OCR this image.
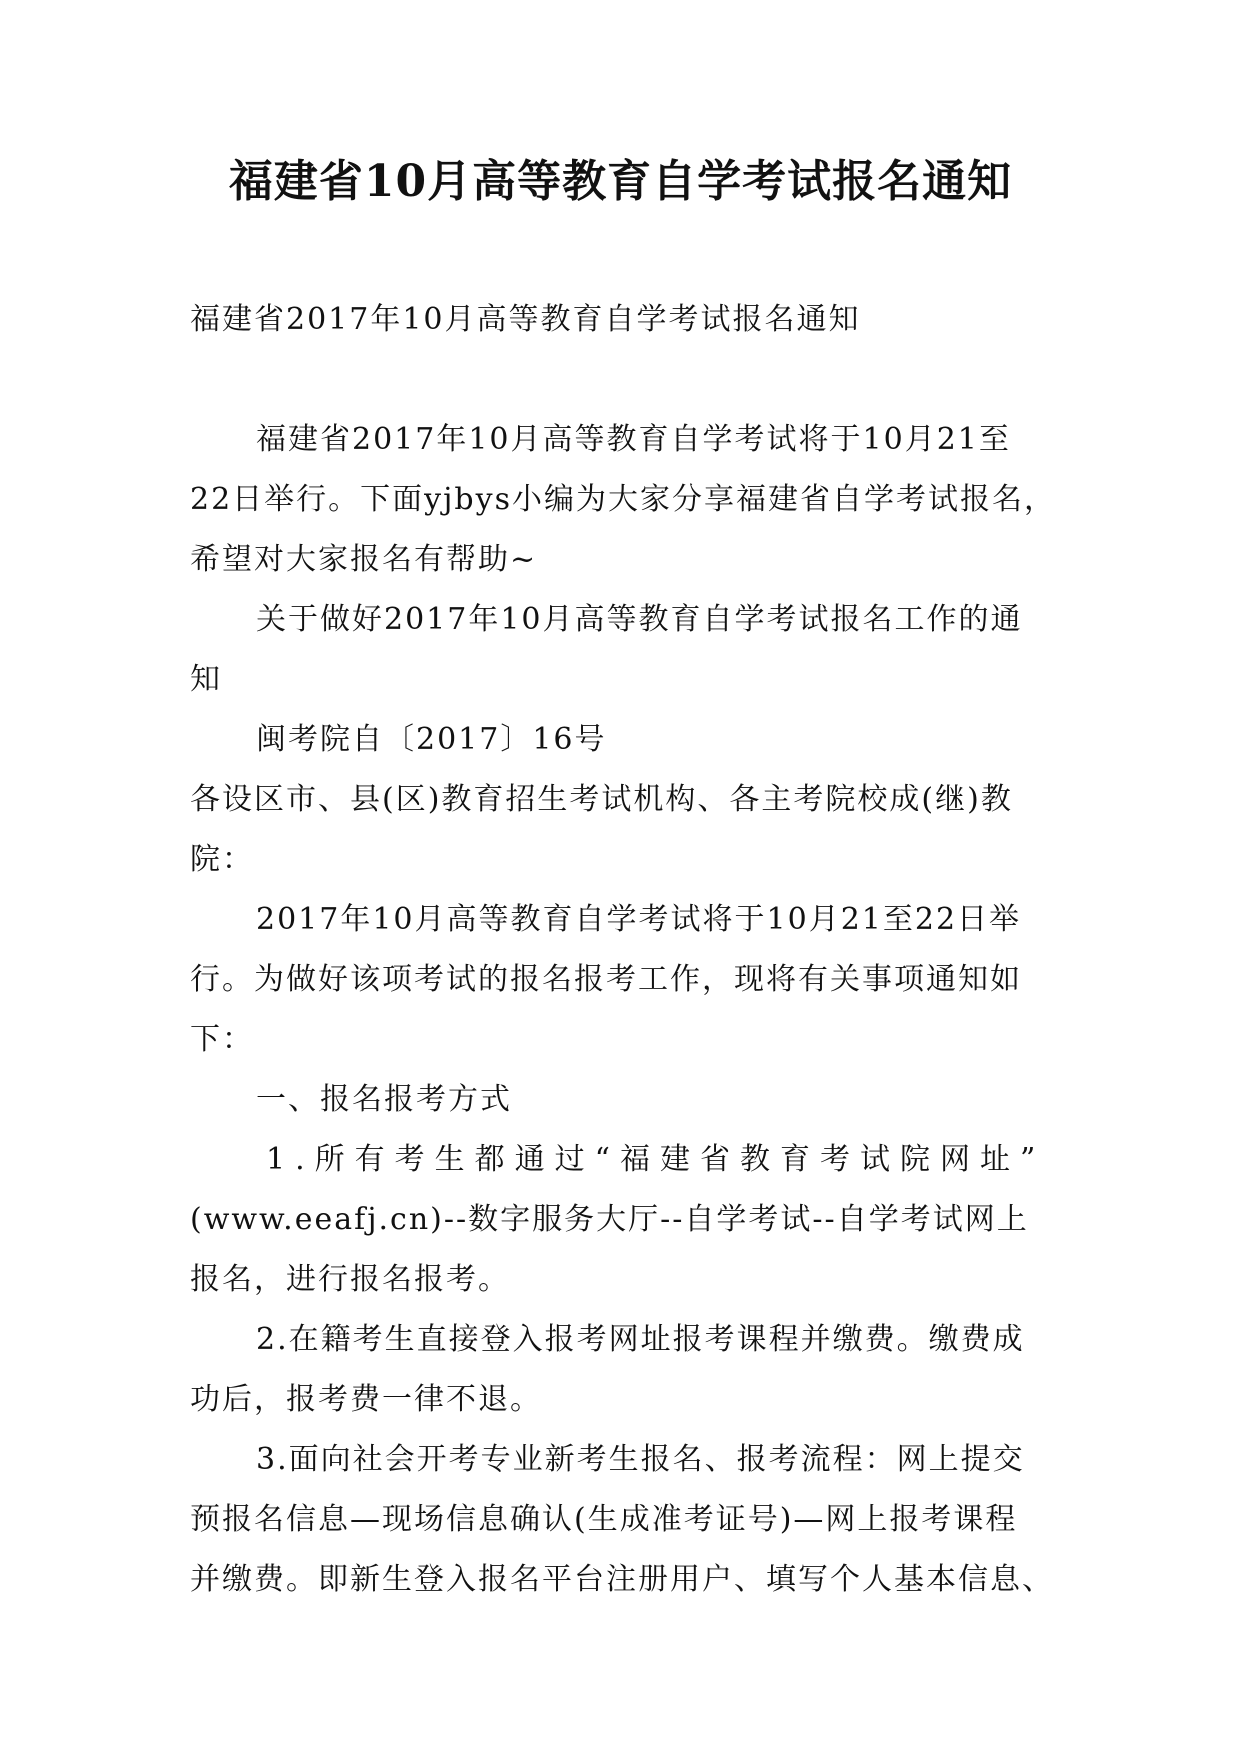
福建省10月高等教育自学考试报名通知
福建省2017年10月高等教育自学考试报名通知
福建省2017年10月高等教育自学考试将于10月21至
22日举行。下面yjbys小编为大家分享福建省自学考试报名，
希望对大家报名有帮助~
关于做好2017年10月高等教育自学考试报名工作的通
知
闽考院自〔2017〕16号
各设区市、县(区)教育招生考试机构、各主考院校成(继)教
院：
2017年10月高等教育自学考试将于10月21至22日举
行。为做好该项考试的报名报考工作，现将有关事项通知如
下：
一、报名报考方式
1.所有考生都通过“福建省教育考试院网址”
(www.eeafj.cn)--数字服务大厅--自学考试--自学考试网上
报名，进行报名报考。
2.在籍考生直接登入报考网址报考课程并缴费。缴费成
功后，报考费一律不退。
3.面向社会开考专业新考生报名、报考流程：网上提交
预报名信息—现场信息确认(生成准考证号)—网上报考课程
并缴费。即新生登入报名平台注册用户、填写个人基本信息、
